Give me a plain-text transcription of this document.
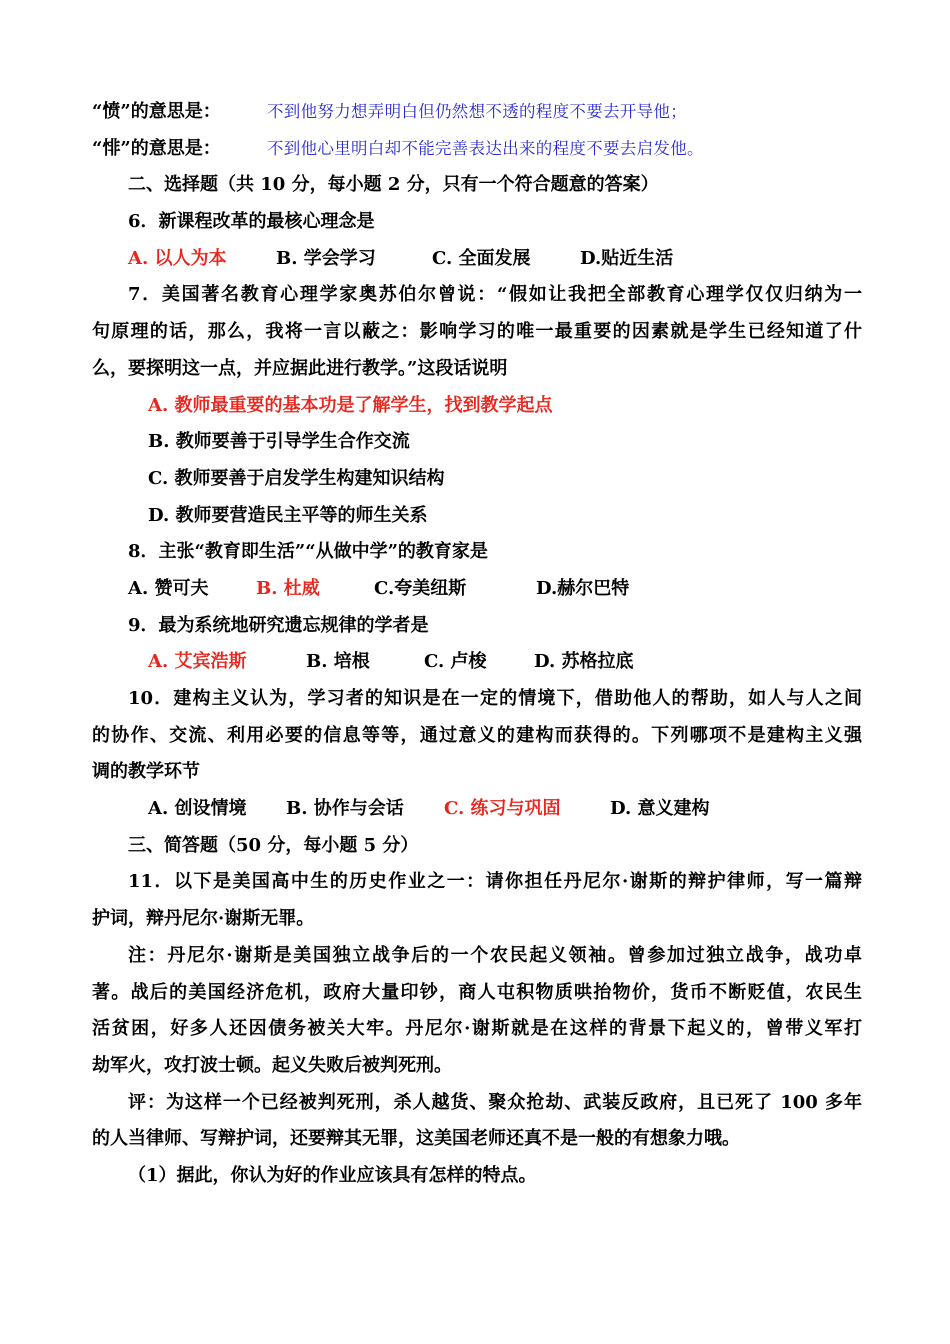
“愤”的意思是：	不到他努力想弄明白但仍然想不透的程度不要去开导他；
“悱”的意思是：	不到他心里明白却不能完善表达出来的程度不要去启发他。
二、选择题（共 10 分，每小题 2 分，只有一个符合题意的答案）
6．新课程改革的最核心理念是
A. 以人为本	B. 学会学习	C. 全面发展	D.贴近生活
7．美国著名教育心理学家奥苏伯尔曾说：“假如让我把全部教育心理学仅仅归纳为一
句原理的话，那么，我将一言以蔽之：影响学习的唯一最重要的因素就是学生已经知道了什
么，要探明这一点，并应据此进行教学。”这段话说明
A. 教师最重要的基本功是了解学生，找到教学起点
B. 教师要善于引导学生合作交流
C. 教师要善于启发学生构建知识结构
D. 教师要营造民主平等的师生关系
8．主张“教育即生活”“从做中学”的教育家是
A. 赞可夫	B. 杜威	C.夸美纽斯	D.赫尔巴特
9．最为系统地研究遗忘规律的学者是
A. 艾宾浩斯	B. 培根	C. 卢梭	D. 苏格拉底
10．建构主义认为，学习者的知识是在一定的情境下，借助他人的帮助，如人与人之间
的协作、交流、利用必要的信息等等，通过意义的建构而获得的。下列哪项不是建构主义强
调的教学环节
A. 创设情境 B. 协作与会话 C. 练习与巩固	D. 意义建构
三、简答题（50 分，每小题 5 分）
11．以下是美国高中生的历史作业之一：请你担任丹尼尔·谢斯的辩护律师，写一篇辩
护词，辩丹尼尔·谢斯无罪。
注：丹尼尔·谢斯是美国独立战争后的一个农民起义领袖。曾参加过独立战争，战功卓
著。战后的美国经济危机，政府大量印钞，商人屯积物质哄抬物价，货币不断贬值，农民生
活贫困，好多人还因债务被关大牢。丹尼尔·谢斯就是在这样的背景下起义的，曾带义军打
劫军火，攻打波士顿。起义失败后被判死刑。
评：为这样一个已经被判死刑，杀人越货、聚众抢劫、武装反政府，且已死了 100 多年
的人当律师、写辩护词，还要辩其无罪，这美国老师还真不是一般的有想象力哦。
（1）据此，你认为好的作业应该具有怎样的特点。
